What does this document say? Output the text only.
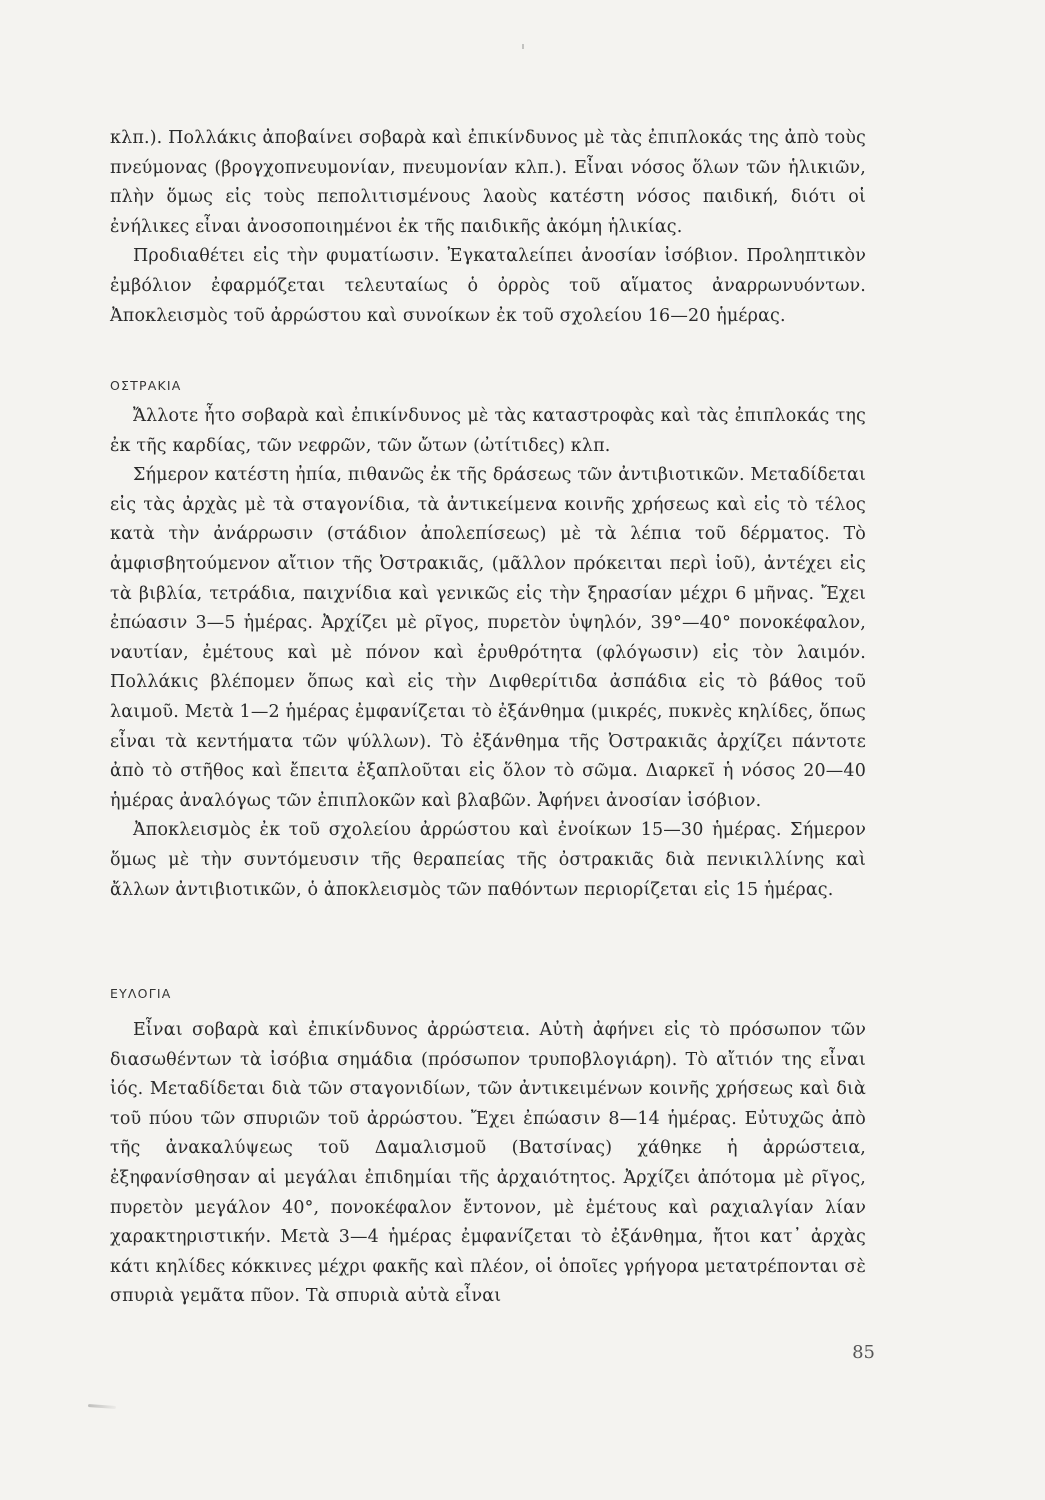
κλπ.). Πολλάκις ἀποβαίνει σοβαρὰ καὶ ἐπικίνδυνος μὲ τὰς ἐπιπλοκάς της ἀπὸ τοὺς πνεύμονας (βρογχοπνευμονίαν, πνευμονίαν κλπ.). Εἶναι νόσος ὅλων τῶν ἡλικιῶν, πλὴν ὅμως εἰς τοὺς πεπολιτισμένους λαοὺς κατέστη νόσος παιδική, διότι οἱ ἐνήλικες εἶναι ἀνοσοποιημένοι ἐκ τῆς παιδικῆς ἀκόμη ἡλικίας.

Προδιαθέτει εἰς τὴν φυματίωσιν. Ἐγκαταλείπει ἀνοσίαν ἰσόβιον. Προληπτικὸν ἐμβόλιον ἐφαρμόζεται τελευταίως ὁ ὀρρὸς τοῦ αἵματος ἀναρρωνυόντων. Ἀποκλεισμὸς τοῦ ἀρρώστου καὶ συνοίκων ἐκ τοῦ σχολείου 16—20 ἡμέρας.

ΟΣΤΡΑΚΙΑ

Ἄλλοτε ἦτο σοβαρὰ καὶ ἐπικίνδυνος μὲ τὰς καταστροφὰς καὶ τὰς ἐπιπλοκάς της ἐκ τῆς καρδίας, τῶν νεφρῶν, τῶν ὤτων (ὠτίτιδες) κλπ.

Σήμερον κατέστη ἠπία, πιθανῶς ἐκ τῆς δράσεως τῶν ἀντιβιοτικῶν. Μεταδίδεται εἰς τὰς ἀρχὰς μὲ τὰ σταγονίδια, τὰ ἀντικείμενα κοινῆς χρήσεως καὶ εἰς τὸ τέλος κατὰ τὴν ἀνάρρωσιν (στάδιον ἀπολεπίσεως) μὲ τὰ λέπια τοῦ δέρματος. Τὸ ἀμφισβητούμενον αἴτιον τῆς Ὀστρακιᾶς, (μᾶλλον πρόκειται περὶ ἰοῦ), ἀντέχει εἰς τὰ βιβλία, τετράδια, παιχνίδια καὶ γενικῶς εἰς τὴν ξηρασίαν μέχρι 6 μῆνας. Ἔχει ἐπώασιν 3—5 ἡμέρας. Ἀρχίζει μὲ ρῖγος, πυρετὸν ὑψηλόν, 39°—40° πονοκέφαλον, ναυτίαν, ἐμέτους καὶ μὲ πόνον καὶ ἐρυθρότητα (φλόγωσιν) εἰς τὸν λαιμόν. Πολλάκις βλέπομεν ὅπως καὶ εἰς τὴν Διφθερίτιδα ἀσπάδια εἰς τὸ βάθος τοῦ λαιμοῦ. Μετὰ 1—2 ἡμέρας ἐμφανίζεται τὸ ἐξάνθημα (μικρές, πυκνὲς κηλίδες, ὅπως εἶναι τὰ κεντήματα τῶν ψύλλων). Τὸ ἐξάνθημα τῆς Ὀστρακιᾶς ἀρχίζει πάντοτε ἀπὸ τὸ στῆθος καὶ ἔπειτα ἐξαπλοῦται εἰς ὅλον τὸ σῶμα. Διαρκεῖ ἡ νόσος 20—40 ἡμέρας ἀναλόγως τῶν ἐπιπλοκῶν καὶ βλαβῶν. Ἀφήνει ἀνοσίαν ἰσόβιον.

Ἀποκλεισμὸς ἐκ τοῦ σχολείου ἀρρώστου καὶ ἐνοίκων 15—30 ἡμέρας. Σήμερον ὅμως μὲ τὴν συντόμευσιν τῆς θεραπείας τῆς ὀστρακιᾶς διὰ πενικιλλίνης καὶ ἄλλων ἀντιβιοτικῶν, ὁ ἀποκλεισμὸς τῶν παθόντων περιορίζεται εἰς 15 ἡμέρας.

ΕΥΛΟΓΙΑ

Εἶναι σοβαρὰ καὶ ἐπικίνδυνος ἀρρώστεια. Αὐτὴ ἀφήνει εἰς τὸ πρόσωπον τῶν διασωθέντων τὰ ἰσόβια σημάδια (πρόσωπον τρυποβλογιάρη). Τὸ αἴτιόν της εἶναι ἰός. Μεταδίδεται διὰ τῶν σταγονιδίων, τῶν ἀντικειμένων κοινῆς χρήσεως καὶ διὰ τοῦ πύου τῶν σπυριῶν τοῦ ἀρρώστου. Ἔχει ἐπώασιν 8—14 ἡμέρας. Εὐτυχῶς ἀπὸ τῆς ἀνακαλύψεως τοῦ Δαμαλισμοῦ (Βατσίνας) χάθηκε ἡ ἀρρώστεια, ἐξηφανίσθησαν αἱ μεγάλαι ἐπιδημίαι τῆς ἀρχαιότητος. Ἀρχίζει ἀπότομα μὲ ρῖγος, πυρετὸν μεγάλον 40°, πονοκέφαλον ἔντονον, μὲ ἐμέτους καὶ ραχιαλγίαν λίαν χαρακτηριστικήν. Μετὰ 3—4 ἡμέρας ἐμφανίζεται τὸ ἐξάνθημα, ἤτοι κατ᾿ ἀρχὰς κάτι κηλίδες κόκκινες μέχρι φακῆς καὶ πλέον, οἱ ὁποῖες γρήγορα μετατρέπονται σὲ σπυριὰ γεμᾶτα πῦον. Τὰ σπυριὰ αὐτὰ εἶναι

85
